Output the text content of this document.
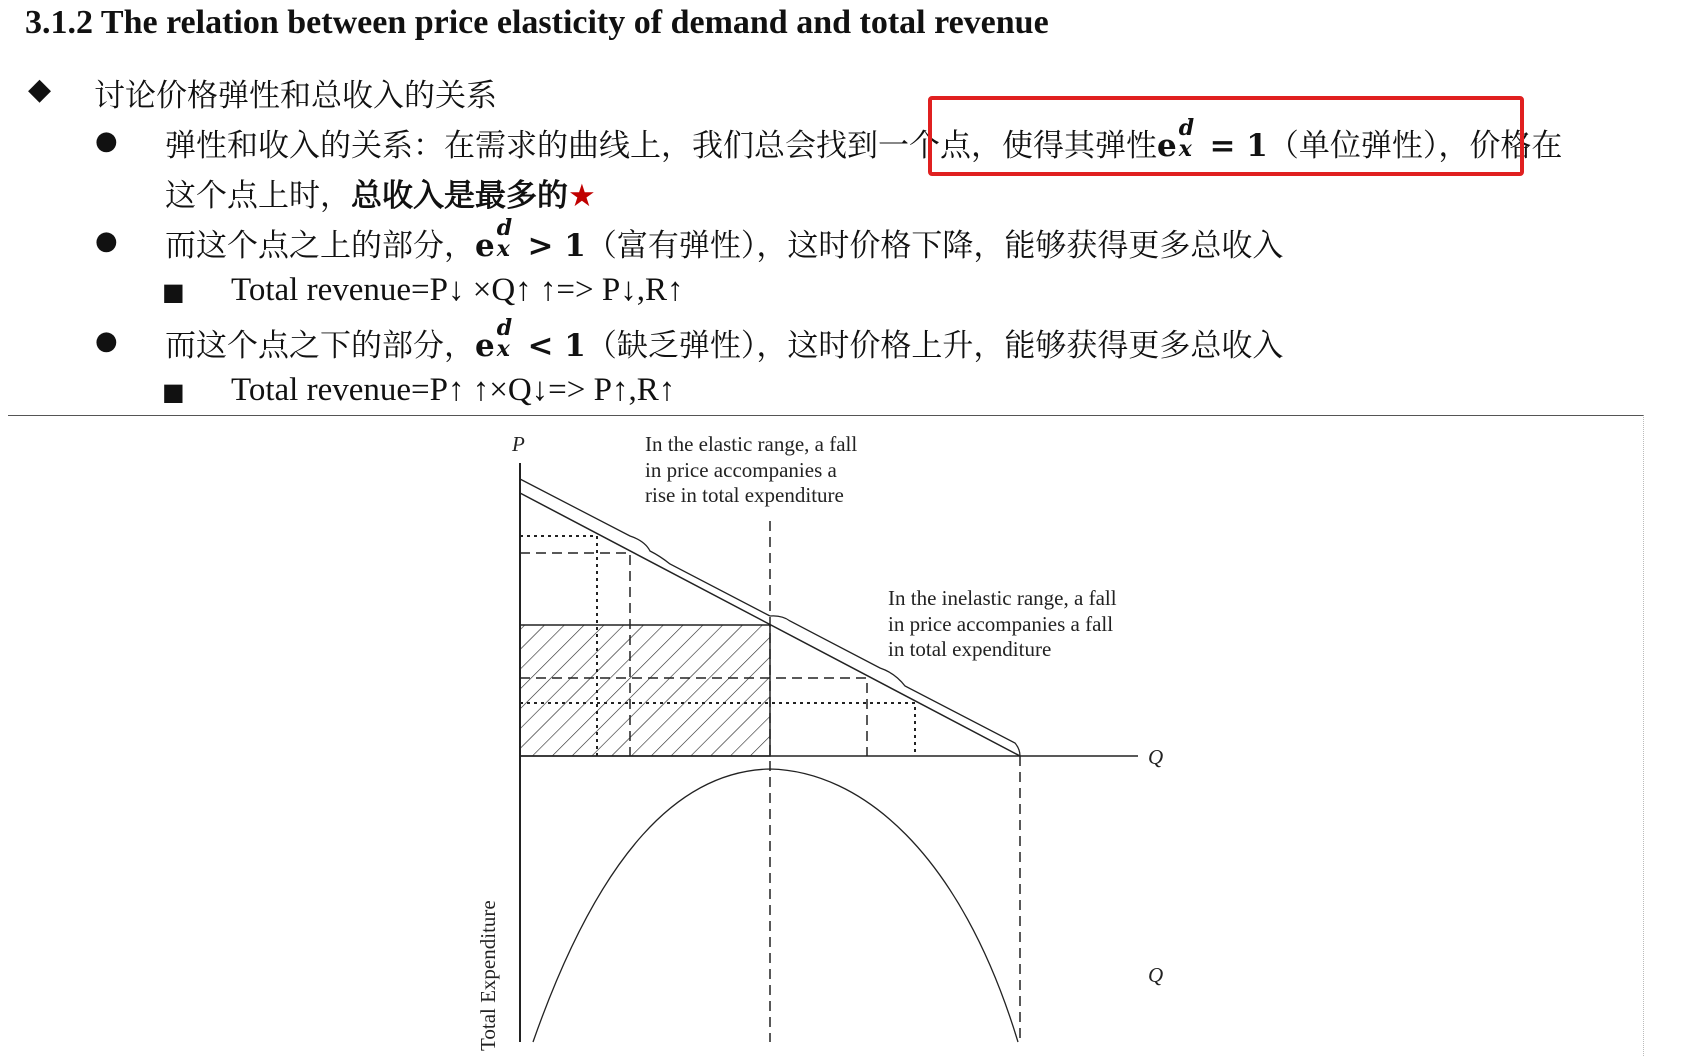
3.1.2 The relation between price elasticity of demand and total revenue
◆ 讨论价格弹性和总收入的关系
● 弹性和收入的关系：在需求的曲线上，我们总会找到一个点，使得其弹性e d
x = 1（单位弹性），价格在
这个点上时，总收入是最多的★
● 而这个点之上的部分，e d
x > 1（富有弹性），这时价格下降，能够获得更多总收入
■ Total revenue=P↓ ×Q↑ ↑=> P↓,R↑
● 而这个点之下的部分，e d
x < 1（缺乏弹性），这时价格上升，能够获得更多总收入
■ Total revenue=P↑ ↑×Q↓=> P↑,R↑
P
Q
Q
Total Expenditure
In the elastic range, a fall
in price accompanies a
rise in total expenditure
In the inelastic range, a fall
in price accompanies a fall
in total expenditure
